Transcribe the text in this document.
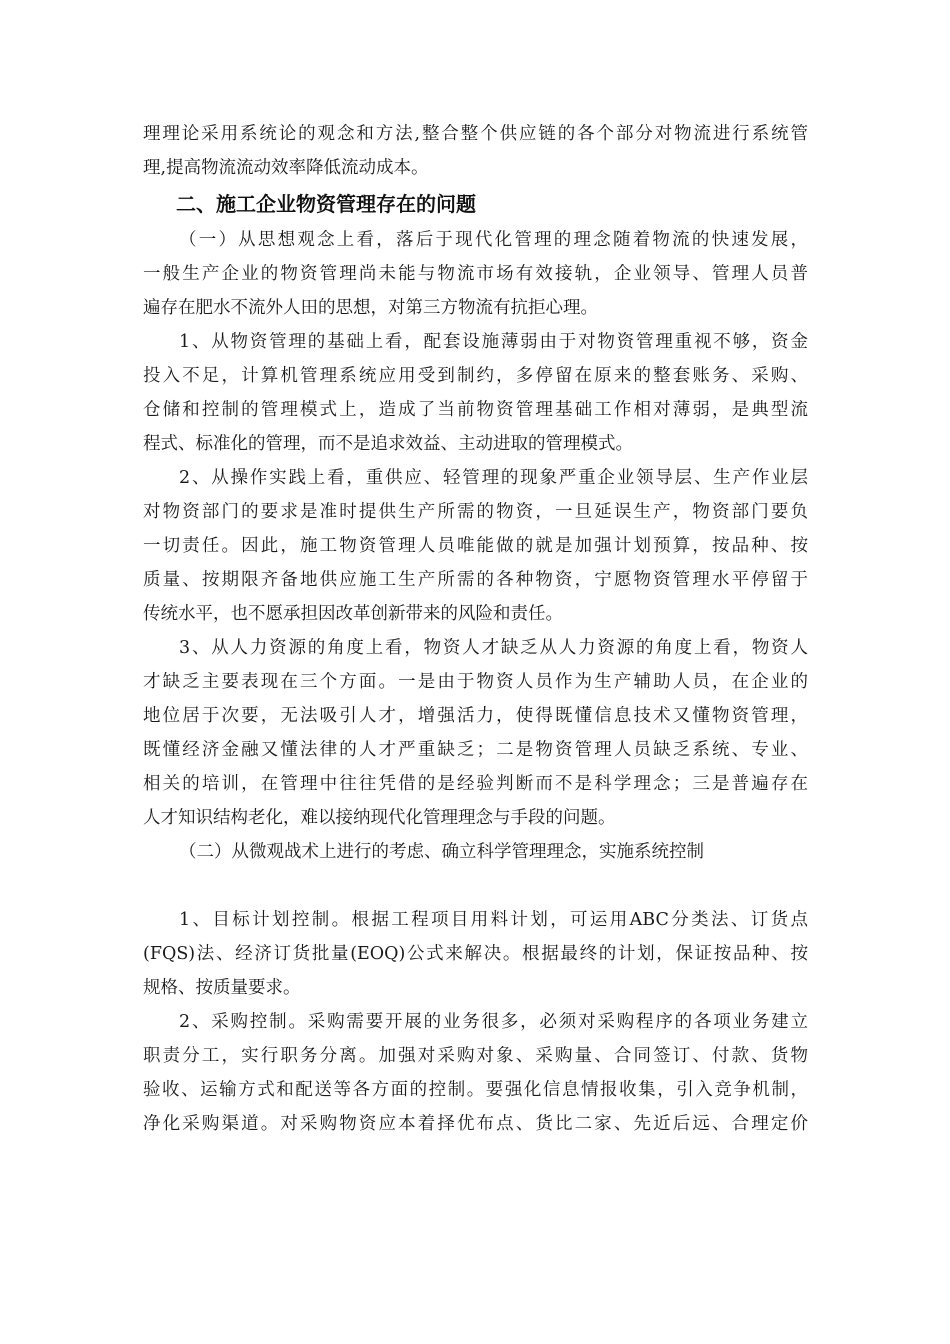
理理论采用系统论的观念和方法,整合整个供应链的各个部分对物流进行系统管
理,提高物流流动效率降低流动成本。
二、施工企业物资管理存在的问题
（一）从思想观念上看，落后于现代化管理的理念随着物流的快速发展，
一般生产企业的物资管理尚未能与物流市场有效接轨，企业领导、管理人员普
遍存在肥水不流外人田的思想，对第三方物流有抗拒心理。
1、从物资管理的基础上看，配套设施薄弱由于对物资管理重视不够，资金
投入不足，计算机管理系统应用受到制约，多停留在原来的整套账务、采购、
仓储和控制的管理模式上，造成了当前物资管理基础工作相对薄弱，是典型流
程式、标准化的管理，而不是追求效益、主动进取的管理模式。
2、从操作实践上看，重供应、轻管理的现象严重企业领导层、生产作业层
对物资部门的要求是准时提供生产所需的物资，一旦延误生产，物资部门要负
一切责任。因此，施工物资管理人员唯能做的就是加强计划预算，按品种、按
质量、按期限齐备地供应施工生产所需的各种物资，宁愿物资管理水平停留于
传统水平，也不愿承担因改革创新带来的风险和责任。
3、从人力资源的角度上看，物资人才缺乏从人力资源的角度上看，物资人
才缺乏主要表现在三个方面。一是由于物资人员作为生产辅助人员，在企业的
地位居于次要，无法吸引人才，增强活力，使得既懂信息技术又懂物资管理，
既懂经济金融又懂法律的人才严重缺乏；二是物资管理人员缺乏系统、专业、
相关的培训，在管理中往往凭借的是经验判断而不是科学理念；三是普遍存在
人才知识结构老化，难以接纳现代化管理理念与手段的问题。
（二）从微观战术上进行的考虑、确立科学管理理念，实施系统控制
1、目标计划控制。根据工程项目用料计划，可运用ABC分类法、订货点
(FQS)法、经济订货批量(EOQ)公式来解决。根据最终的计划，保证按品种、按
规格、按质量要求。
2、采购控制。采购需要开展的业务很多，必须对采购程序的各项业务建立
职责分工，实行职务分离。加强对采购对象、采购量、合同签订、付款、货物
验收、运输方式和配送等各方面的控制。要强化信息情报收集，引入竞争机制，
净化采购渠道。对采购物资应本着择优布点、货比二家、先近后远、合理定价
